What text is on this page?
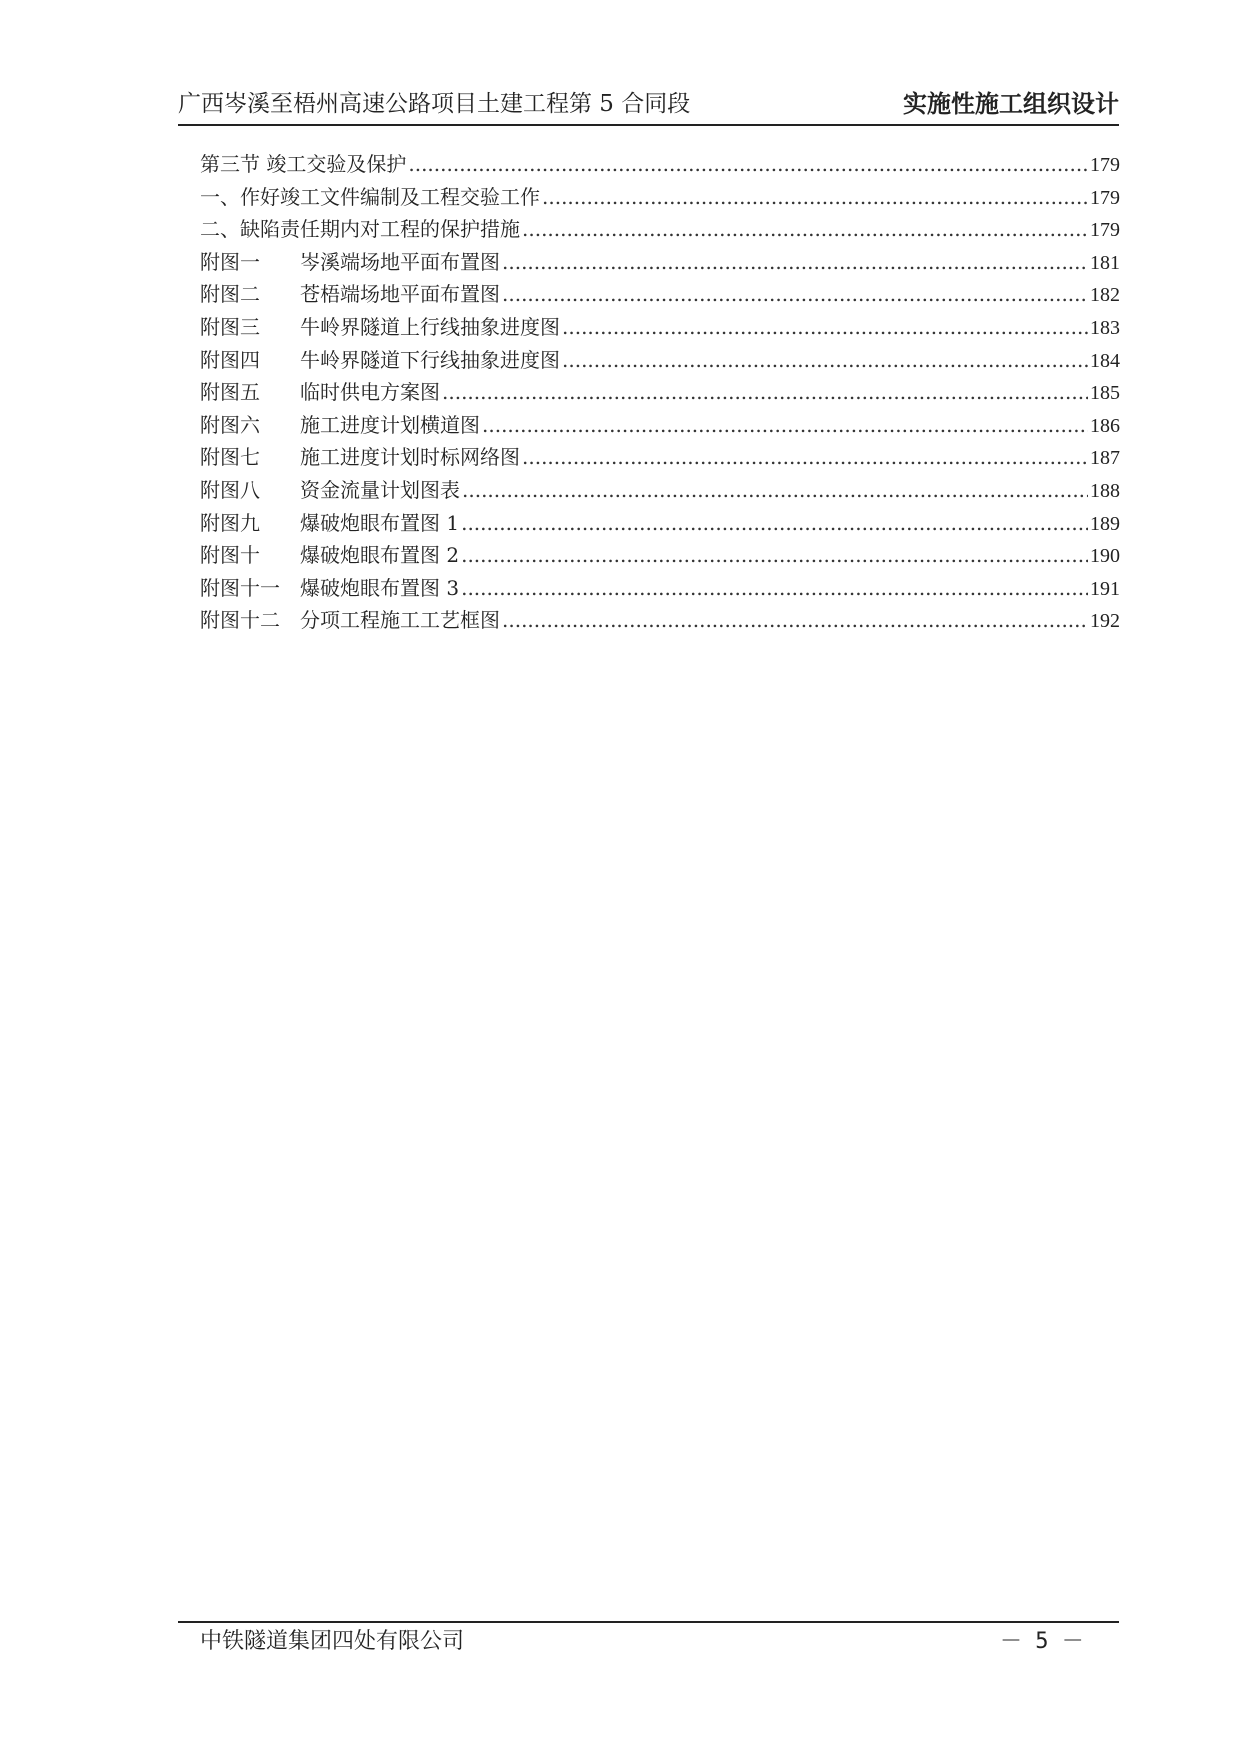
广西岑溪至梧州高速公路项目土建工程第 5 合同段	实施性施工组织设计
第三节 竣工交验及保护 .....	179
一、作好竣工文件编制及工程交验工作 .....	179
二、缺陷责任期内对工程的保护措施 .....	179
附图一　　岑溪端场地平面布置图 .....	181
附图二　　苍梧端场地平面布置图 .....	182
附图三　　牛岭界隧道上行线抽象进度图 .....	183
附图四　　牛岭界隧道下行线抽象进度图 .....	184
附图五　　临时供电方案图 .....	185
附图六　　施工进度计划横道图 .....	186
附图七　　施工进度计划时标网络图 .....	187
附图八　　资金流量计划图表 .....	188
附图九　　爆破炮眼布置图 1 .....	189
附图十　　爆破炮眼布置图 2 .....	190
附图十一　爆破炮眼布置图 3 .....	191
附图十二　分项工程施工工艺框图 .....	192
中铁隧道集团四处有限公司	－ 5 －
